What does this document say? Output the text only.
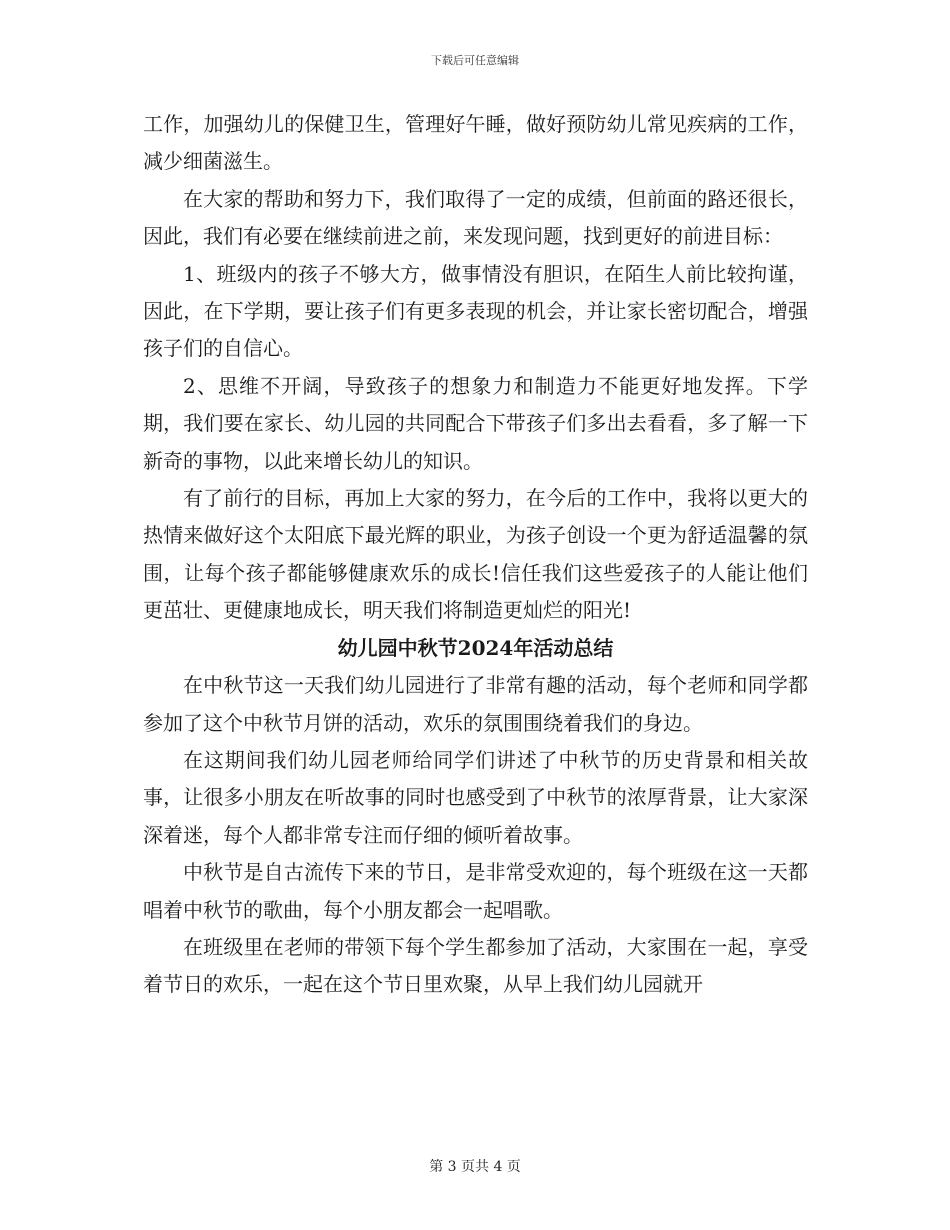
下载后可任意编辑

工作，加强幼儿的保健卫生，管理好午睡，做好预防幼儿常见疾病的工作，减少细菌滋生。

在大家的帮助和努力下，我们取得了一定的成绩，但前面的路还很长，因此，我们有必要在继续前进之前，来发现问题，找到更好的前进目标：

1、班级内的孩子不够大方，做事情没有胆识，在陌生人前比较拘谨，因此，在下学期，要让孩子们有更多表现的机会，并让家长密切配合，增强孩子们的自信心。

2、思维不开阔，导致孩子的想象力和制造力不能更好地发挥。下学期，我们要在家长、幼儿园的共同配合下带孩子们多出去看看，多了解一下新奇的事物，以此来增长幼儿的知识。

有了前行的目标，再加上大家的努力，在今后的工作中，我将以更大的热情来做好这个太阳底下最光辉的职业，为孩子创设一个更为舒适温馨的氛围，让每个孩子都能够健康欢乐的成长!信任我们这些爱孩子的人能让他们更茁壮、更健康地成长，明天我们将制造更灿烂的阳光!

幼儿园中秋节2024年活动总结

在中秋节这一天我们幼儿园进行了非常有趣的活动，每个老师和同学都参加了这个中秋节月饼的活动，欢乐的氛围围绕着我们的身边。

在这期间我们幼儿园老师给同学们讲述了中秋节的历史背景和相关故事，让很多小朋友在听故事的同时也感受到了中秋节的浓厚背景，让大家深深着迷，每个人都非常专注而仔细的倾听着故事。

中秋节是自古流传下来的节日，是非常受欢迎的，每个班级在这一天都唱着中秋节的歌曲，每个小朋友都会一起唱歌。

在班级里在老师的带领下每个学生都参加了活动，大家围在一起，享受着节日的欢乐，一起在这个节日里欢聚，从早上我们幼儿园就开

第 3 页共 4 页
